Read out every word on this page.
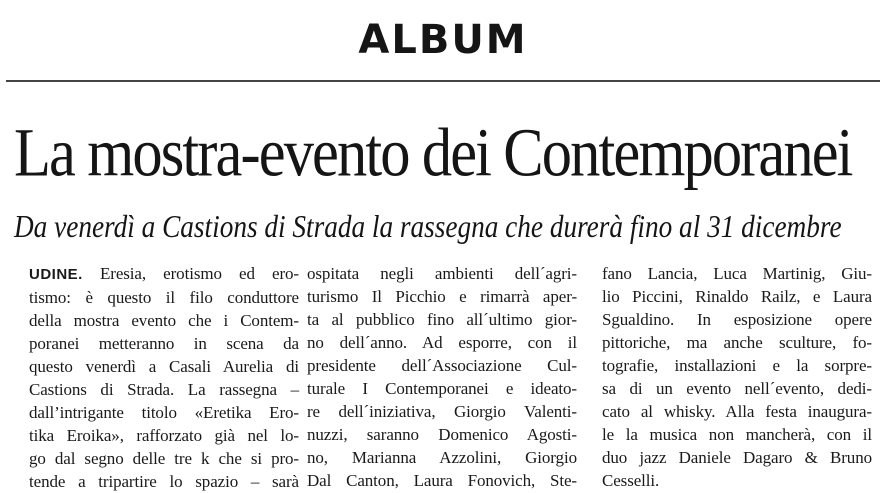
ALBUM
La mostra-evento dei Contemporanei
Da venerdì a Castions di Strada la rassegna che durerà fino al 31 dicembre
UDINE. Eresia, erotismo ed ero-
tismo: è questo il filo conduttore
della mostra evento che i Contem-
poranei metteranno in scena da
questo venerdì a Casali Aurelia di
Castions di Strada. La rassegna –
dall’intrigante titolo «Eretika Ero-
tika Eroika», rafforzato già nel lo-
go dal segno delle tre k che si pro-
tende a tripartire lo spazio – sarà
ospitata negli ambienti dell´agri-
turismo Il Picchio e rimarrà aper-
ta al pubblico fino all´ultimo gior-
no dell´anno. Ad esporre, con il
presidente dell´Associazione Cul-
turale I Contemporanei e ideato-
re dell´iniziativa, Giorgio Valenti-
nuzzi, saranno Domenico Agosti-
no, Marianna Azzolini, Giorgio
Dal Canton, Laura Fonovich, Ste-
fano Lancia, Luca Martinig, Giu-
lio Piccini, Rinaldo Railz, e Laura
Sgualdino. In esposizione opere
pittoriche, ma anche sculture, fo-
tografie, installazioni e la sorpre-
sa di un evento nell´evento, dedi-
cato al whisky. Alla festa inaugura-
le la musica non mancherà, con il
duo jazz Daniele Dagaro & Bruno
Cesselli.
